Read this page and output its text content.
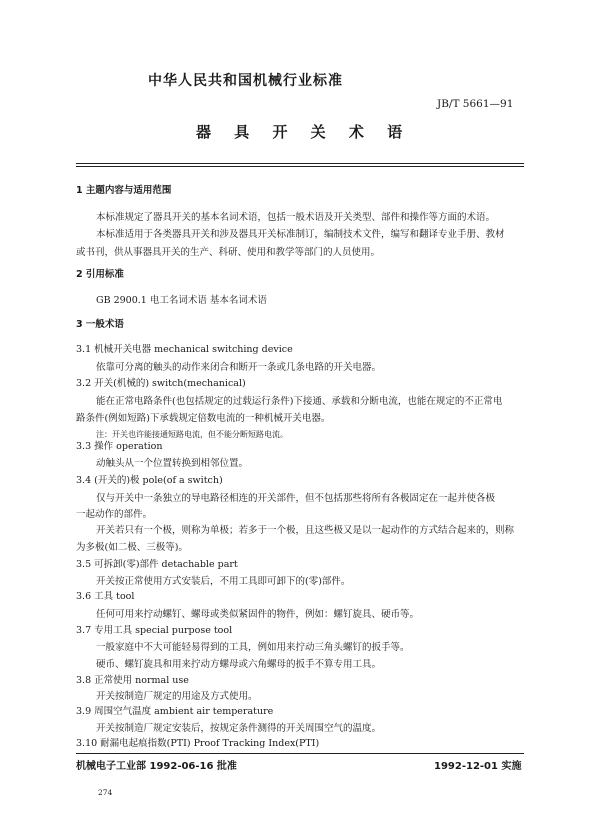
中华人民共和国机械行业标准
JB/T 5661—91
器 具 开 关 术 语
1 主题内容与适用范围
本标准规定了器具开关的基本名词术语，包括一般术语及开关类型、部件和操作等方面的术语。
本标准适用于各类器具开关和涉及器具开关标准制订，编制技术文件，编写和翻译专业手册、教材
或书刊，供从事器具开关的生产、科研、使用和教学等部门的人员使用。
2 引用标准
GB 2900.1 电工名词术语 基本名词术语
3 一般术语
3.1 机械开关电器 mechanical switching device
依靠可分离的触头的动作来闭合和断开一条或几条电路的开关电器。
3.2 开关(机械的) switch(mechanical)
能在正常电路条件(也包括规定的过载运行条件)下接通、承载和分断电流，也能在规定的不正常电
路条件(例如短路)下承载规定倍数电流的一种机械开关电器。
注：开关也许能接通短路电流，但不能分断短路电流。
3.3 操作 operation
动触头从一个位置转换到相邻位置。
3.4 (开关的)极 pole(of a switch)
仅与开关中一条独立的导电路径相连的开关部件，但不包括那些将所有各极固定在一起并使各极
一起动作的部件。
开关若只有一个极，则称为单极；若多于一个极，且这些极又是以一起动作的方式结合起来的，则称
为多极(如二极、三极等)。
3.5 可拆卸(零)部件 detachable part
开关按正常使用方式安装后，不用工具即可卸下的(零)部件。
3.6 工具 tool
任何可用来拧动螺钉、螺母或类似紧固件的物件，例如：螺钉旋具、硬币等。
3.7 专用工具 special purpose tool
一般家庭中不大可能轻易得到的工具，例如用来拧动三角头螺钉的扳手等。
硬币、螺钉旋具和用来拧动方螺母或六角螺母的扳手不算专用工具。
3.8 正常使用 normal use
开关按制造厂规定的用途及方式使用。
3.9 周围空气温度 ambient air temperature
开关按制造厂规定安装后，按规定条件测得的开关周围空气的温度。
3.10 耐漏电起痕指数(PTI) Proof Tracking Index(PTI)
机械电子工业部 1992-06-16 批准	1992-12-01 实施
274
